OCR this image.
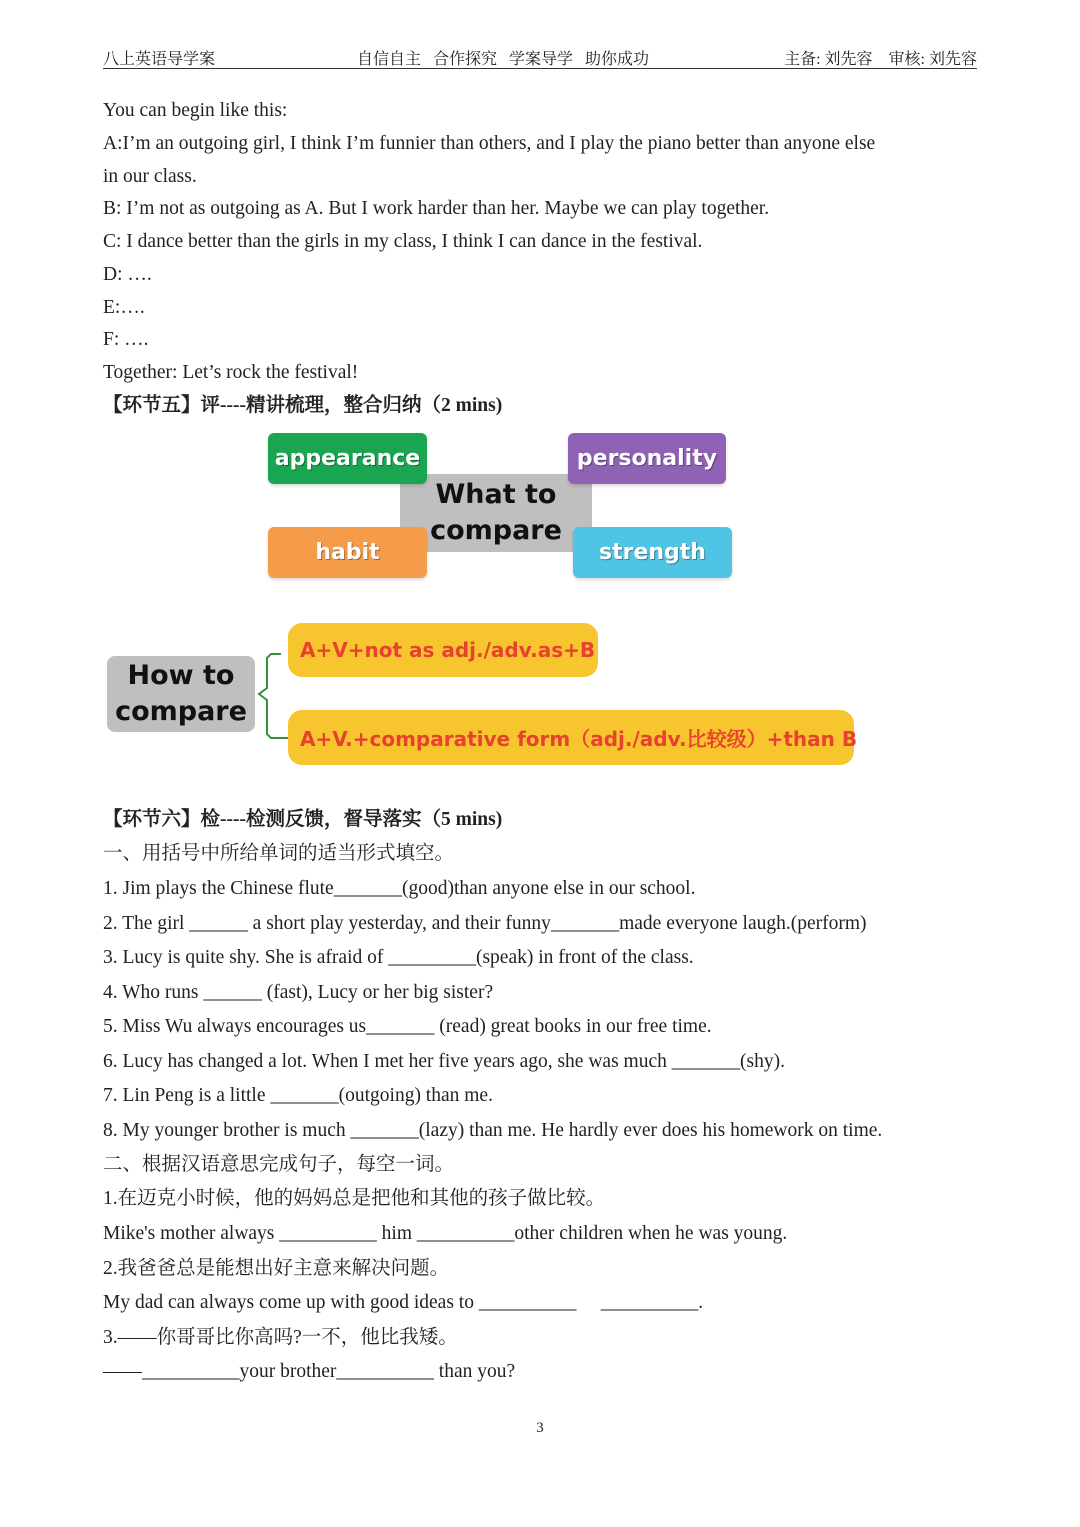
八上英语导学案	自信自主   合作探究   学案导学   助你成功	主备: 刘先容    审核: 刘先容
You can begin like this:
A:I’m an outgoing girl, I think I’m funnier than others, and I play the piano better than anyone else
in our class.
B: I’m not as outgoing as A. But I work harder than her. Maybe we can play together.
C: I dance better than the girls in my class, I think I can dance in the festival.
D: ….
E:….
F: ….
Together: Let’s rock the festival!
【环节五】评----精讲梳理，整合归纳（2 mins)
What to compare
appearance	personality
habit	strength
How to compare
A+V+not as adj./adv.as+B
A+V.+comparative form（adj./adv.比较级）+than B
【环节六】检----检测反馈，督导落实（5 mins)
一、用括号中所给单词的适当形式填空。
1. Jim plays the Chinese flute_______(good)than anyone else in our school.
2. The girl ______ a short play yesterday, and their funny_______made everyone laugh.(perform)
3. Lucy is quite shy. She is afraid of _________(speak) in front of the class.
4. Who runs ______ (fast), Lucy or her big sister?
5. Miss Wu always encourages us_______ (read) great books in our free time.
6. Lucy has changed a lot. When I met her five years ago, she was much _______(shy).
7. Lin Peng is a little _______(outgoing) than me.
8. My younger brother is much _______(lazy) than me. He hardly ever does his homework on time.
二、根据汉语意思完成句子，每空一词。
1.在迈克小时候，他的妈妈总是把他和其他的孩子做比较。
Mike's mother always __________ him __________other children when he was young.
2.我爸爸总是能想出好主意来解决问题。
My dad can always come up with good ideas to __________     __________.
3.——你哥哥比你高吗?一不，他比我矮。
——__________your brother__________ than you?
3
